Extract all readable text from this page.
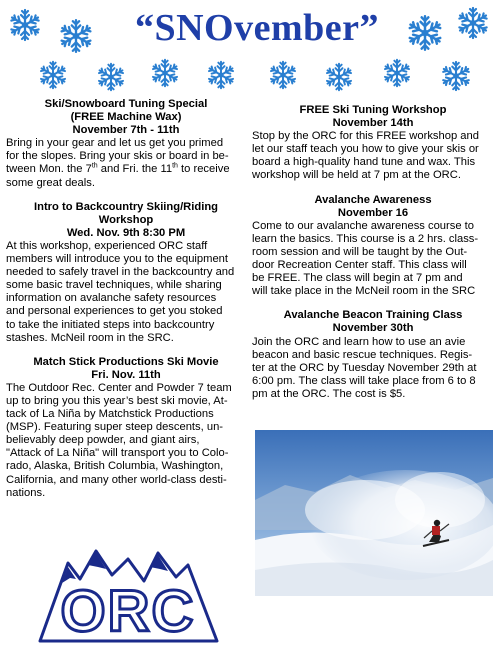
“SNOvember”

Ski/Snowboard Tuning Special

(FREE Machine Wax)

November 7th - 11th

Bring in your gear and let us get you primed

for the slopes. Bring your skis or board in be-

tween Mon. the 7th and Fri. the 11th to receive

some great deals.

Intro to Backcountry Skiing/Riding

Workshop

Wed. Nov. 9th 8:30 PM

At this workshop, experienced ORC staff

members will introduce you to the equipment

needed to safely travel in the backcountry and

some basic travel techniques, while sharing

information on avalanche safety resources

and personal experiences to get you stoked

to take the initiated steps into backcountry

stashes. McNeil room in the SRC.

Match Stick Productions Ski Movie

Fri. Nov. 11th

The Outdoor Rec. Center and Powder 7 team

up to bring you this year’s best ski movie, At-

tack of La Niña by Matchstick Productions

(MSP). Featuring super steep descents, un-

believably deep powder, and giant airs,

"Attack of La Niña" will transport you to Colo-

rado, Alaska, British Columbia, Washington,

California, and many other world-class desti-

nations.

FREE Ski Tuning Workshop

November 14th

Stop by the ORC for this FREE workshop and

let our staff teach you how to give your skis or

board a high-quality hand tune and wax. This

workshop will be held at 7 pm at the ORC.

Avalanche Awareness

November 16

Come to our avalanche awareness course to

learn the basics. This course is a 2 hrs. class-

room session and will be taught by the Out-

door Recreation Center staff. This class will

be FREE. The class will begin at 7 pm and

will take place in the McNeil room in the SRC

Avalanche Beacon Training Class

November 30th

Join the ORC and learn how to use an avie

beacon and basic rescue techniques. Regis-

ter at the ORC by Tuesday November 29th at

6:00 pm. The class will take place from 6 to 8

pm at the ORC. The cost is $5.

ORC
